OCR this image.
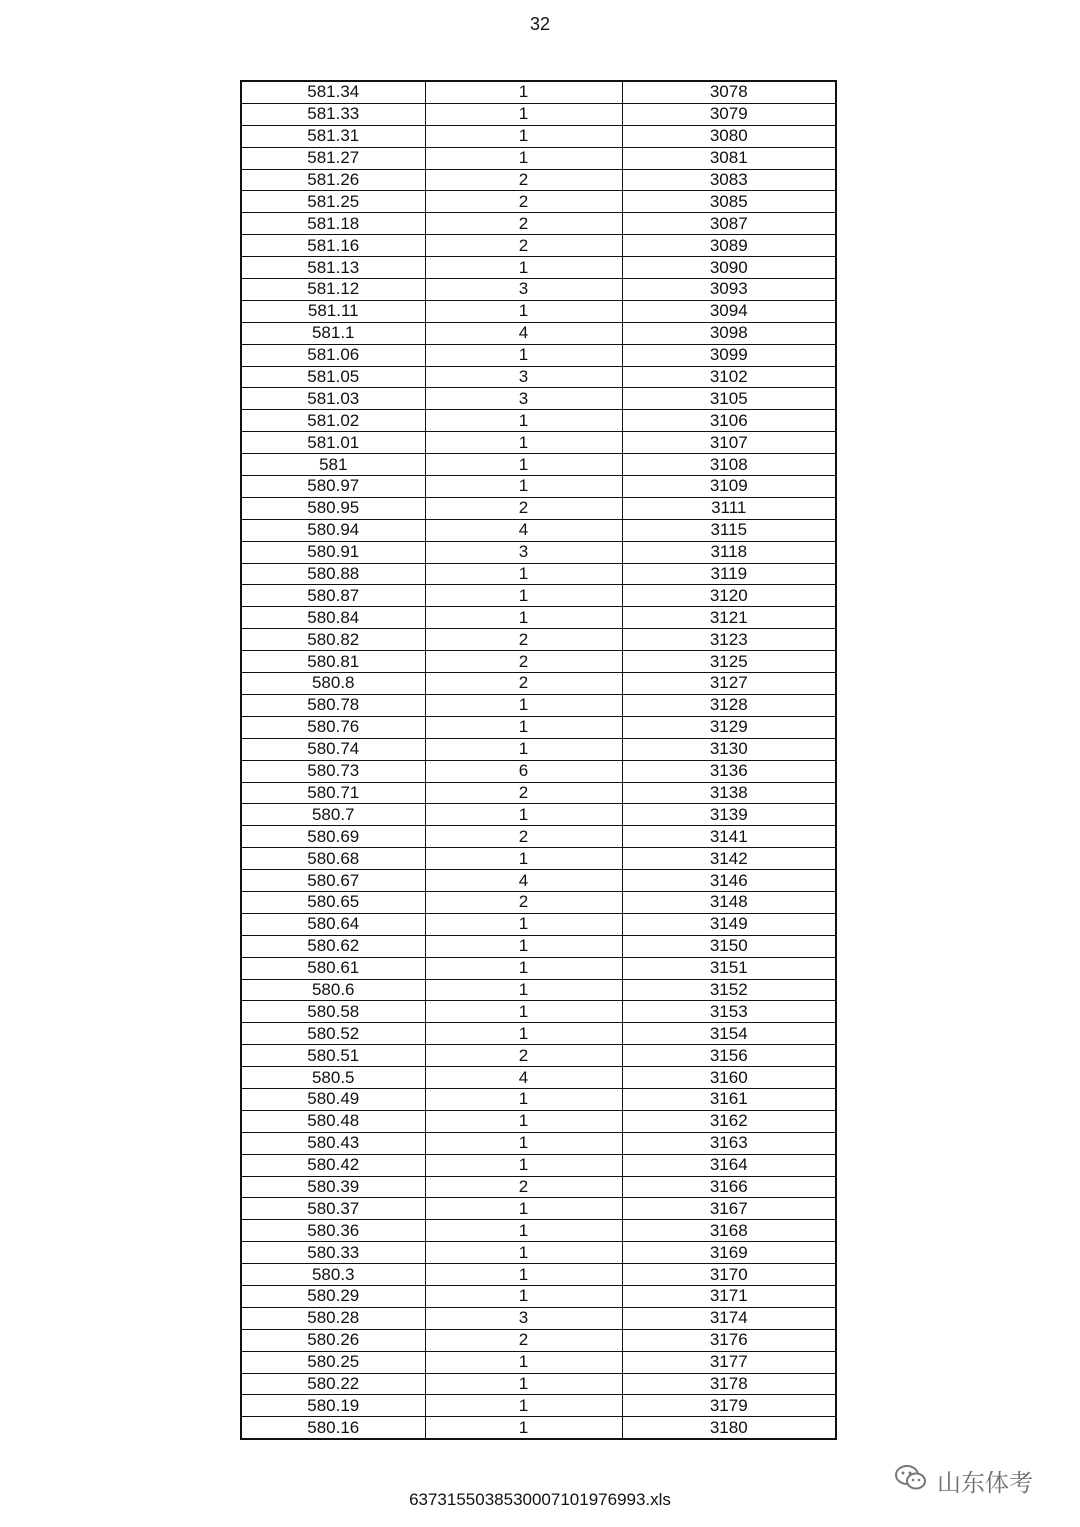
32
581.34	1	3078
581.33	1	3079
581.31	1	3080
581.27	1	3081
581.26	2	3083
581.25	2	3085
581.18	2	3087
581.16	2	3089
581.13	1	3090
581.12	3	3093
581.11	1	3094
581.1	4	3098
581.06	1	3099
581.05	3	3102
581.03	3	3105
581.02	1	3106
581.01	1	3107
581	1	3108
580.97	1	3109
580.95	2	3111
580.94	4	3115
580.91	3	3118
580.88	1	3119
580.87	1	3120
580.84	1	3121
580.82	2	3123
580.81	2	3125
580.8	2	3127
580.78	1	3128
580.76	1	3129
580.74	1	3130
580.73	6	3136
580.71	2	3138
580.7	1	3139
580.69	2	3141
580.68	1	3142
580.67	4	3146
580.65	2	3148
580.64	1	3149
580.62	1	3150
580.61	1	3151
580.6	1	3152
580.58	1	3153
580.52	1	3154
580.51	2	3156
580.5	4	3160
580.49	1	3161
580.48	1	3162
580.43	1	3163
580.42	1	3164
580.39	2	3166
580.37	1	3167
580.36	1	3168
580.33	1	3169
580.3	1	3170
580.29	1	3171
580.28	3	3174
580.26	2	3176
580.25	1	3177
580.22	1	3178
580.19	1	3179
580.16	1	3180
山东体考
637315503853000710197​6993.xls
